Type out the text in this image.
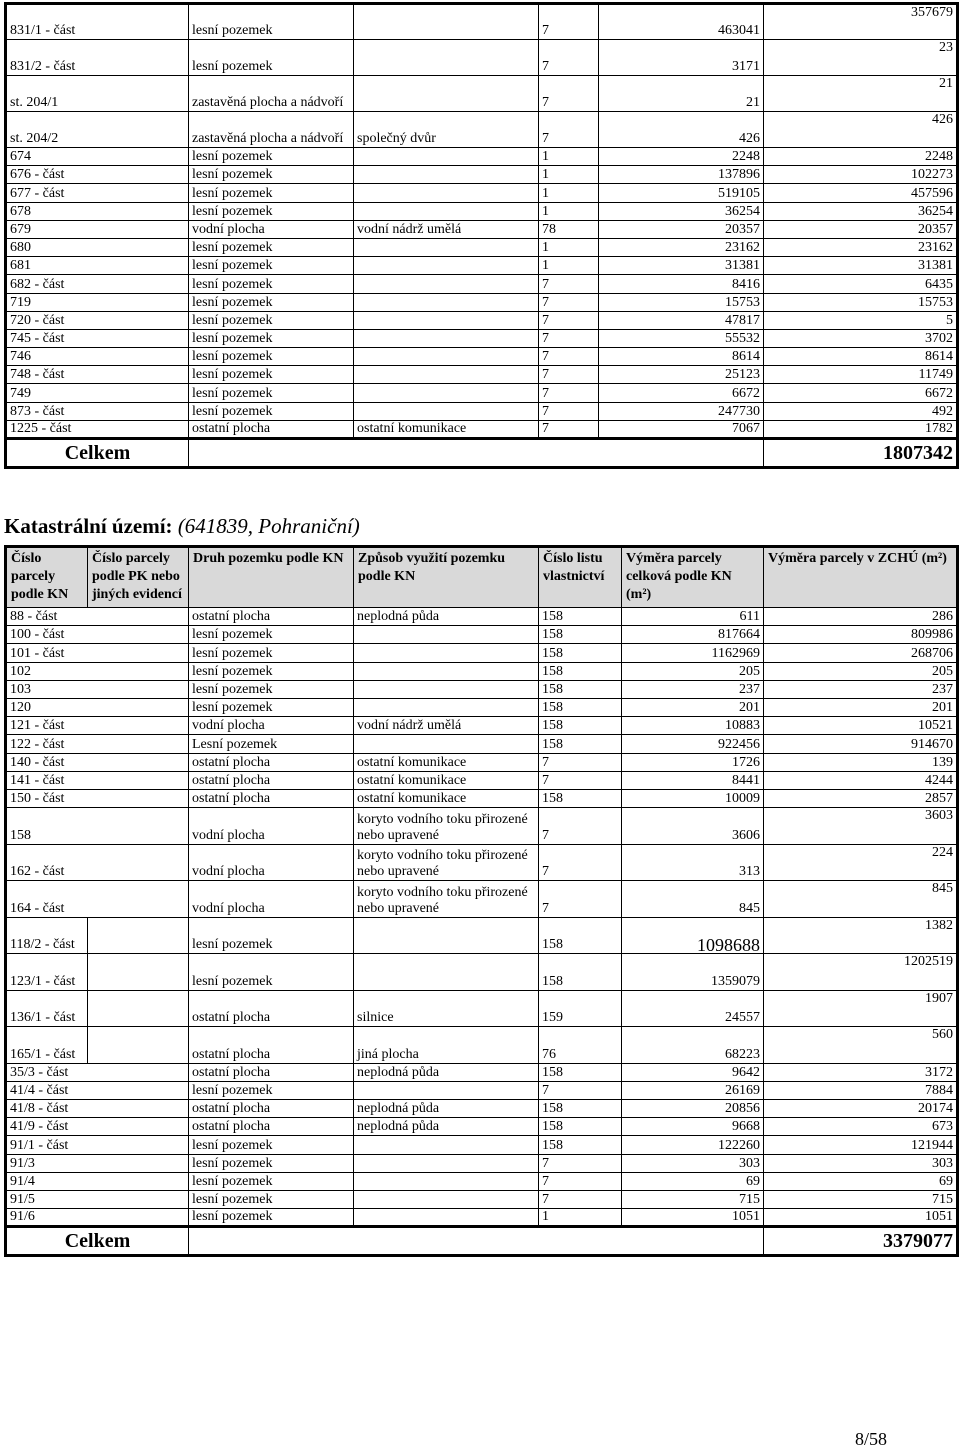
831/1 - část	lesní pozemek		7	463041	357679
831/2 - část	lesní pozemek		7	3171	23
st. 204/1	zastavěná plocha a nádvoří		7	21	21
st. 204/2	zastavěná plocha a nádvoří	společný dvůr	7	426	426
674	lesní pozemek		1	2248	2248
676 - část	lesní pozemek		1	137896	102273
677 - část	lesní pozemek		1	519105	457596
678	lesní pozemek		1	36254	36254
679	vodní plocha	vodní nádrž umělá	78	20357	20357
680	lesní pozemek		1	23162	23162
681	lesní pozemek		1	31381	31381
682 - část	lesní pozemek		7	8416	6435
719	lesní pozemek		7	15753	15753
720 - část	lesní pozemek		7	47817	5
745 - část	lesní pozemek		7	55532	3702
746	lesní pozemek		7	8614	8614
748 - část	lesní pozemek		7	25123	11749
749	lesní pozemek		7	6672	6672
873 - část	lesní pozemek		7	247730	492
1225 - část	ostatní plocha	ostatní komunikace	7	7067	1782
Celkem					1807342
Katastrální území: (641839, Pohraniční)
Číslo parcely podle KN	Číslo parcely podle PK nebo jiných evidencí	Druh pozemku podle KN	Způsob využití pozemku podle KN	Číslo listu vlastnictví	Výměra parcely celková podle KN (m²)	Výměra parcely v ZCHÚ (m²)
88 - část		ostatní plocha	neplodná půda	158	611	286
100 - část		lesní pozemek		158	817664	809986
101 - část		lesní pozemek		158	1162969	268706
102		lesní pozemek		158	205	205
103		lesní pozemek		158	237	237
120		lesní pozemek		158	201	201
121 - část		vodní plocha	vodní nádrž umělá	158	10883	10521
122 - část		Lesní pozemek		158	922456	914670
140 - část		ostatní plocha	ostatní komunikace	7	1726	139
141 - část		ostatní plocha	ostatní komunikace	7	8441	4244
150 - část		ostatní plocha	ostatní komunikace	158	10009	2857
158		vodní plocha	koryto vodního toku přirozené nebo upravené	7	3606	3603
162 - část		vodní plocha	koryto vodního toku přirozené nebo upravené	7	313	224
164 - část		vodní plocha	koryto vodního toku přirozené nebo upravené	7	845	845
118/2 - část		lesní pozemek		158	1098688	1382
123/1 - část		lesní pozemek		158	1359079	1202519
136/1 - část		ostatní plocha	silnice	159	24557	1907
165/1 - část		ostatní plocha	jiná plocha	76	68223	560
35/3 - část		ostatní plocha	neplodná půda	158	9642	3172
41/4 - část		lesní pozemek		7	26169	7884
41/8 - část		ostatní plocha	neplodná půda	158	20856	20174
41/9 - část		ostatní plocha	neplodná půda	158	9668	673
91/1 - část		lesní pozemek		158	122260	121944
91/3		lesní pozemek		7	303	303
91/4		lesní pozemek		7	69	69
91/5		lesní pozemek		7	715	715
91/6		lesní pozemek		1	1051	1051
Celkem						3379077
8/58
